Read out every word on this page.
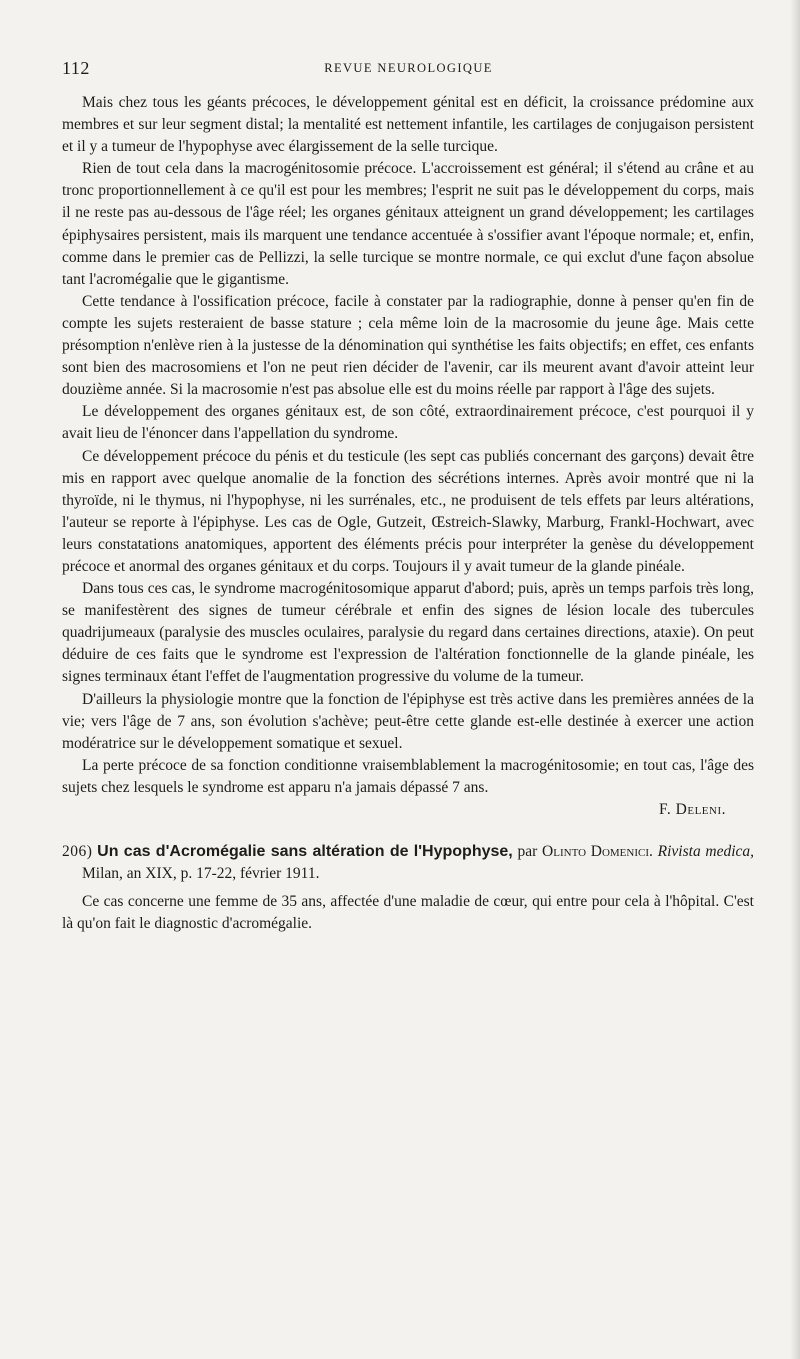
112	REVUE NEUROLOGIQUE

Mais chez tous les géants précoces, le développement génital est en déficit, la croissance prédomine aux membres et sur leur segment distal; la mentalité est nettement infantile, les cartilages de conjugaison persistent et il y a tumeur de l'hypophyse avec élargissement de la selle turcique.

Rien de tout cela dans la macrogénitosomie précoce. L'accroissement est général; il s'étend au crâne et au tronc proportionnellement à ce qu'il est pour les membres; l'esprit ne suit pas le développement du corps, mais il ne reste pas au-dessous de l'âge réel; les organes génitaux atteignent un grand développement; les cartilages épiphysaires persistent, mais ils marquent une tendance accentuée à s'ossifier avant l'époque normale; et, enfin, comme dans le premier cas de Pellizzi, la selle turcique se montre normale, ce qui exclut d'une façon absolue tant l'acromégalie que le gigantisme.

Cette tendance à l'ossification précoce, facile à constater par la radiographie, donne à penser qu'en fin de compte les sujets resteraient de basse stature ; cela même loin de la macrosomie du jeune âge. Mais cette présomption n'enlève rien à la justesse de la dénomination qui synthétise les faits objectifs; en effet, ces enfants sont bien des macrosomiens et l'on ne peut rien décider de l'avenir, car ils meurent avant d'avoir atteint leur douzième année. Si la macrosomie n'est pas absolue elle est du moins réelle par rapport à l'âge des sujets.

Le développement des organes génitaux est, de son côté, extraordinairement précoce, c'est pourquoi il y avait lieu de l'énoncer dans l'appellation du syndrome.

Ce développement précoce du pénis et du testicule (les sept cas publiés concernant des garçons) devait être mis en rapport avec quelque anomalie de la fonction des sécrétions internes. Après avoir montré que ni la thyroïde, ni le thymus, ni l'hypophyse, ni les surrénales, etc., ne produisent de tels effets par leurs altérations, l'auteur se reporte à l'épiphyse. Les cas de Ogle, Gutzeit, Œstreich-Slawky, Marburg, Frankl-Hochwart, avec leurs constatations anatomiques, apportent des éléments précis pour interpréter la genèse du développement précoce et anormal des organes génitaux et du corps. Toujours il y avait tumeur de la glande pinéale.

Dans tous ces cas, le syndrome macrogénitosomique apparut d'abord; puis, après un temps parfois très long, se manifestèrent des signes de tumeur cérébrale et enfin des signes de lésion locale des tubercules quadrijumeaux (paralysie des muscles oculaires, paralysie du regard dans certaines directions, ataxie). On peut déduire de ces faits que le syndrome est l'expression de l'altération fonctionnelle de la glande pinéale, les signes terminaux étant l'effet de l'augmentation progressive du volume de la tumeur.

D'ailleurs la physiologie montre que la fonction de l'épiphyse est très active dans les premières années de la vie; vers l'âge de 7 ans, son évolution s'achève; peut-être cette glande est-elle destinée à exercer une action modératrice sur le développement somatique et sexuel.

La perte précoce de sa fonction conditionne vraisemblablement la macrogénitosomie; en tout cas, l'âge des sujets chez lesquels le syndrome est apparu n'a jamais dépassé 7 ans.

F. Deleni.

206) Un cas d'Acromégalie sans altération de l'Hypophyse, par Olinto Domenici. Rivista medica, Milan, an XIX, p. 17-22, février 1911.

Ce cas concerne une femme de 35 ans, affectée d'une maladie de cœur, qui entre pour cela à l'hôpital. C'est là qu'on fait le diagnostic d'acromégalie.
